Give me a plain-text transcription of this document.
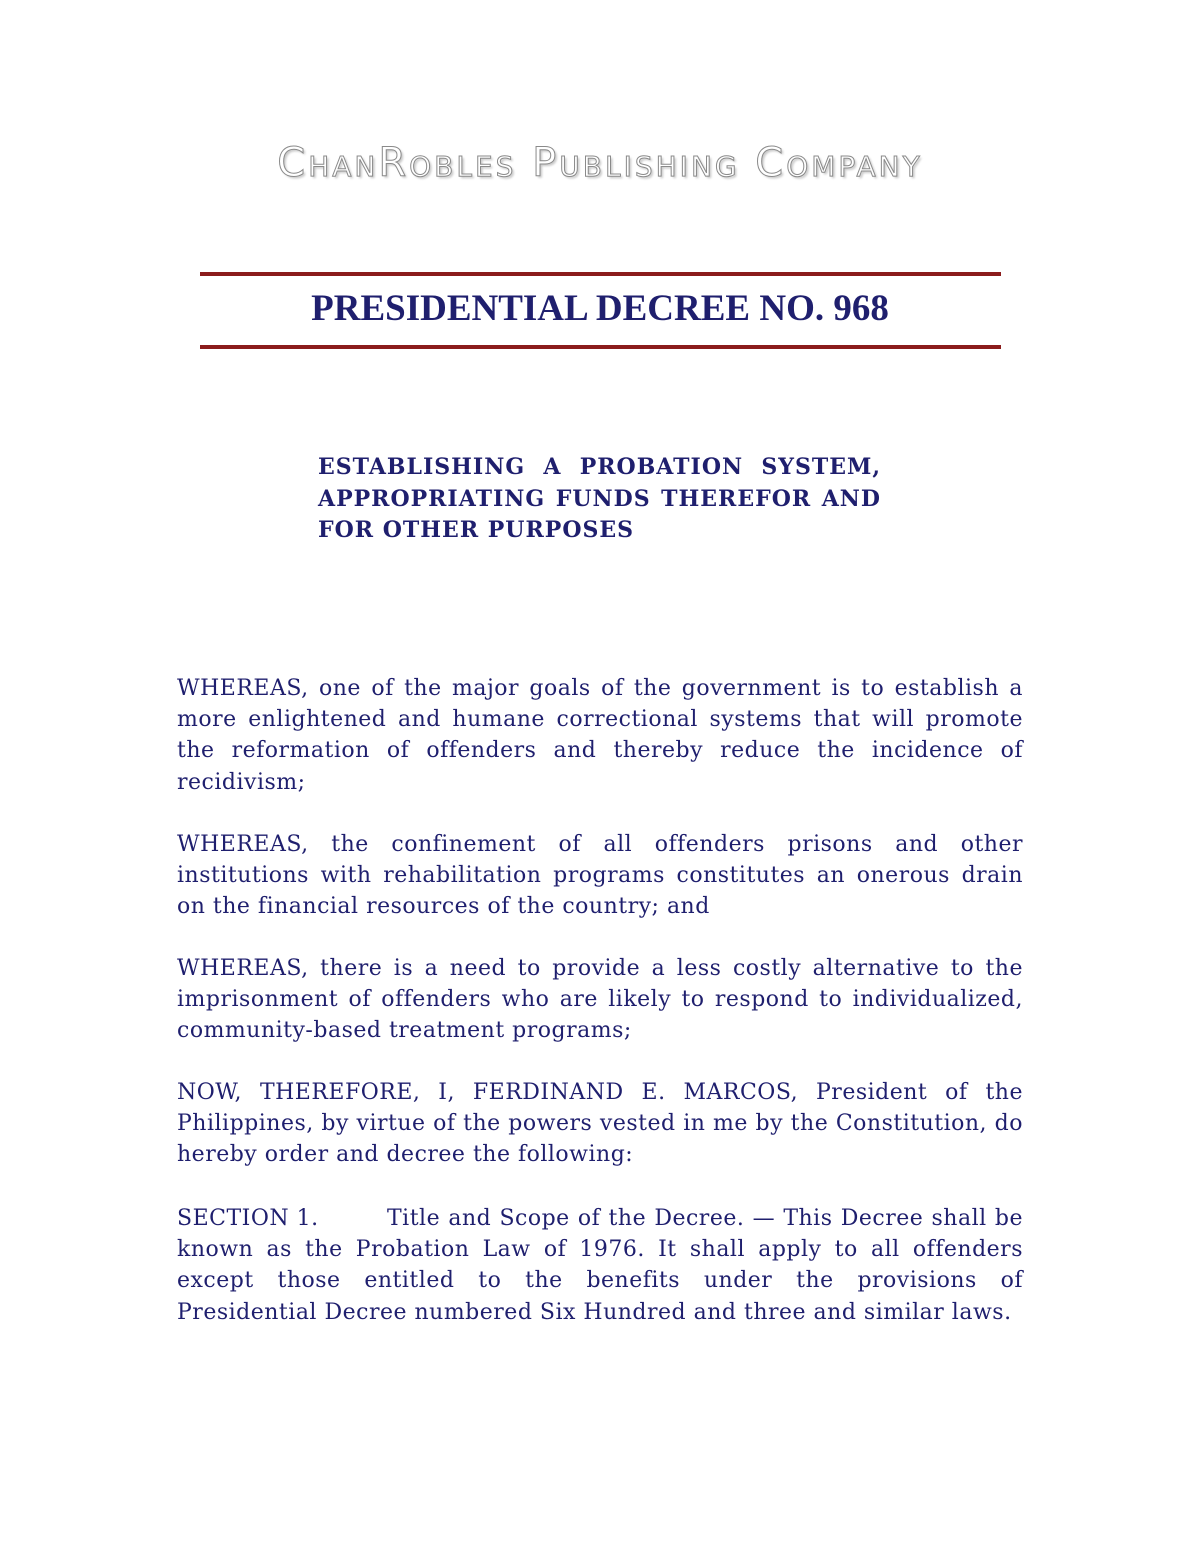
ChanRobles Publishing Company
PRESIDENTIAL DECREE NO. 968
ESTABLISHING A PROBATION SYSTEM, APPROPRIATING FUNDS THEREFOR AND FOR OTHER PURPOSES

WHEREAS, one of the major goals of the government is to establish a more enlightened and humane correctional systems that will promote the reformation of offenders and thereby reduce the incidence of recidivism;

WHEREAS, the confinement of all offenders prisons and other institutions with rehabilitation programs constitutes an onerous drain on the financial resources of the country; and

WHEREAS, there is a need to provide a less costly alternative to the imprisonment of offenders who are likely to respond to individualized, community-based treatment programs;

NOW, THEREFORE, I, FERDINAND E. MARCOS, President of the Philippines, by virtue of the powers vested in me by the Constitution, do hereby order and decree the following:

SECTION 1.	Title and Scope of the Decree. — This Decree shall be known as the Probation Law of 1976. It shall apply to all offenders except those entitled to the benefits under the provisions of Presidential Decree numbered Six Hundred and three and similar laws.
